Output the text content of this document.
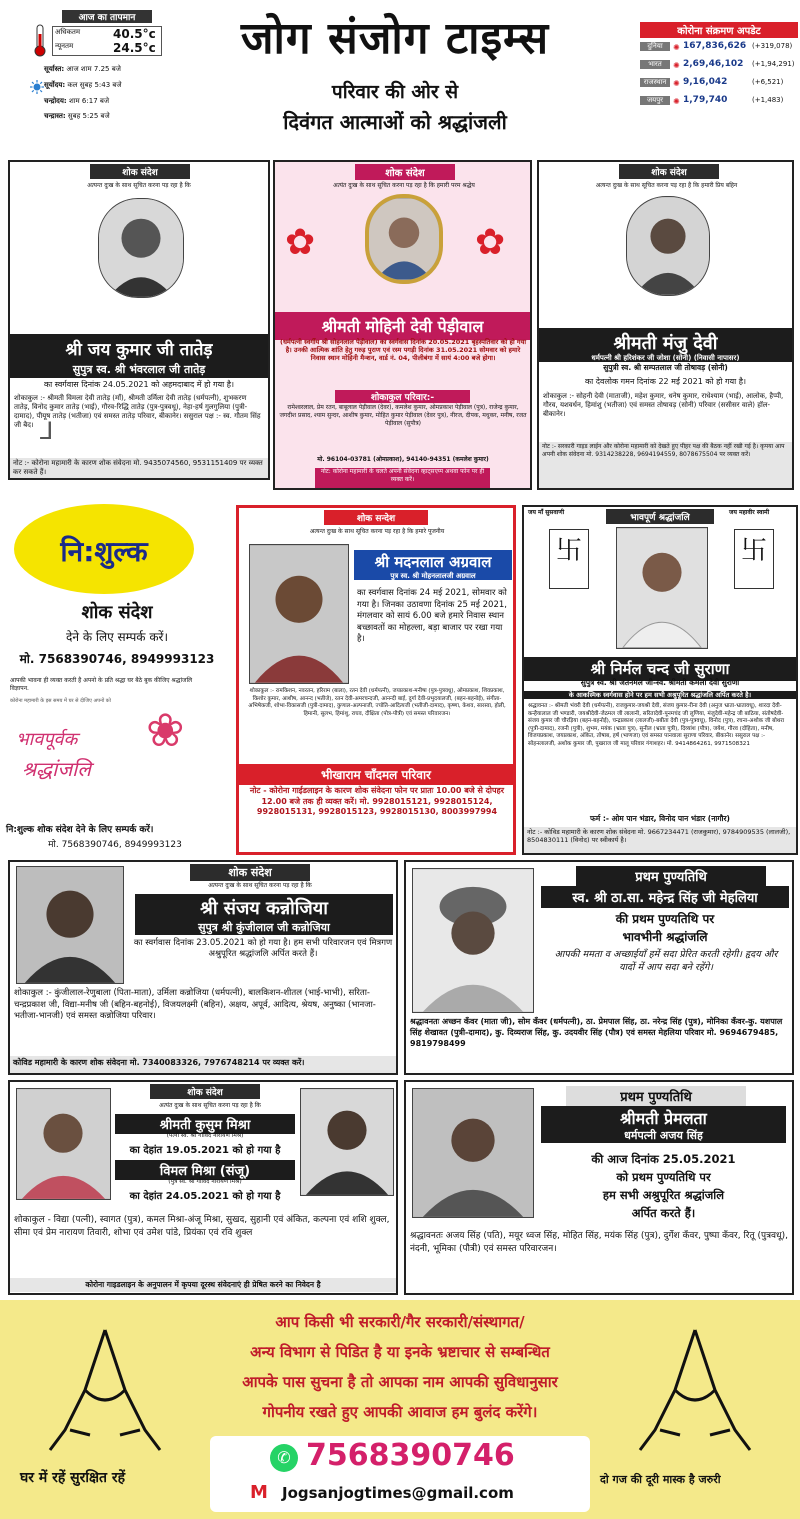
आज का तापमान
अधिकतम	40.5°c
न्यूनतम	24.5°c
सूर्यास्त: आज शाम 7.25 बजे
सूर्योदय: कल सुबह 5:43 बजे
चन्द्रोदय: शाम 6:17 बजे
चन्द्रास्त: सुबह 5:25 बजे
जोग संजोग टाइम्स
परिवार की ओर से
दिवंगत आत्माओं को श्रद्धांजली
कोरोना संक्रमण अपडेट
दुनिया	✺ 167,836,626 (+319,078)
भारत	✺ 2,69,46,102 (+1,94,291)
राजस्थान ✺ 9,16,042	(+6,521)
जयपुर	✺ 1,79,740	(+1,483)
शोक संदेश
अत्यन्त दुःख के साथ सूचित करना पड़ रहा है कि
⅃
श्री जय कुमार जी तातेड़
सुपुत्र स्व. श्री भंवरलाल जी तातेड़
का स्वर्गवास दिनांक 24.05.2021 को अहमदाबाद में हो गया है।
शोकाकुल :- श्रीमती विमला देवी तातेड़ (माँ), श्रीमती उर्मिला देवी तातेड़ (धर्मपत्नी), शुभकरण तातेड़, विनोद कुमार तातेड़ (भाई), गौरव-रिद्धि तातेड़ (पुत्र-पुत्रवधू), नेहा-हर्ष गुलगुलिया (पुत्री-दामाद), पीयूष तातेड़ (भतीजा) एवं समस्त तातेड़ परिवार, बीकानेर। ससुराल पक्ष :- स्व. गौतम सिंह जी बैद।
नोट :- कोरोना महामारी के कारण शोक संवेदना मो. 9435074560, 9531151409 पर व्यक्त कर सकते हैं।
शोक संदेश
अत्यंत दुःख के साथ सूचित करना पड़ रहा है कि हमारी परम श्रद्धेय
✿	✿
श्रीमती मोहिनी देवी पेड़ीवाल
(धर्मपत्नी स्वर्गीय श्री सोहनलाल पेड़ीवाल) का स्वर्गवास दिनांक 20.05.2021 बृहस्पतिवार को हो गया है। उनकी आत्मिक शांति हेतु गरुड़ पुराण एवं रस्म पगड़ी दिनांक 31.05.2021 सोमवार को हमारे निवास स्थान मोहिनी मैन्शन, वार्ड नं. 04, पीलीबंगा में सायं 4:00 बजे होगा।
शोकाकुल परिवार:-
रामेश्वरलाल, प्रेम रतन, बाबूलाल पेड़ीवाल (देवर), कमलेश कुमार, ओमप्रकाश पेड़ीवाल (पुत्र), राजेन्द्र कुमार, जगदीश प्रसाद, श्याम सुन्दर, आशीष कुमार, मोहित कुमार पेड़ीवाल (देवर पुत्र), नीरज, दीपक, मधुकर, मनीष, रजत पेड़ीवाल (सुपौत्र)
मो. 96104-03781 (ओमप्रकाश), 94140-94351 (कमलेश कुमार)
नोट: कोरोना महामारी के चलते अपनी संवेदना व्हाट्सएप्प अथवा फोन पर ही व्यक्त करें।
शोक संदेश
अत्यन्त दुःख के साथ सूचित करना पड़ रहा है कि हमारी प्रिय बहिन
श्रीमती मंजु देवी
धर्मपत्नी श्री हरिशंकर जी जोशा (सोनी) (निवासी नापासर)
सुपुत्री स्व. श्री सम्पतलाल जी तोषावड़ (सोनी)
का देवलोक गमन दिनांक 22 मई 2021 को हो गया है।
शोकाकुल :- सोहनी देवी (माताजी), महेश कुमार, धनेष कुमार, राधेश्याम (भाई), आलोक, हैप्पी, गौरव, यशवर्धन, हिमांशु (भतीजा) एवं समस्त तोषावड़ (सोनी) परिवार (ससीसर वाले) हॉल- बीकानेर।
नोट :- सरकारी गाइड लाईन और कोरोना महामारी को देखते हुए पीहर पक्ष की बैठक नहीं रखी गई है। कृपया आप अपनी शोक संवेदना मो. 9314238228, 9694194559, 8078675504 पर व्यक्त करें।
नि:शुल्क
शोक संदेश
देने के लिए सम्पर्क करें।
मो. 7568390746, 8949993123
आपकी भावना ही व्यक्त करती है अपनो के प्रति श्रद्धा घर बैठे बुक कीजिए श्रद्धांजलि विज्ञापन.
कोरोना महामारी के इस समय में घर से दीजिए अपनों को
❀
भावपूर्वक
श्रद्धांजलि
नि:शुल्क शोक संदेश देने के लिए सम्पर्क करें।
मो. 7568390746, 8949993123
शोक सन्देश
अत्यन्त दुःख के साथ सूचित करना पड़ रहा है कि हमारे पूजनीय
श्री मदनलाल अग्रवाल
पुत्र स्व. श्री मोहनलालजी अग्रवाल
का स्वर्गवास दिनांक 24 मई 2021, सोमवार को गया है। जिनका उठावणा दिनांक 25 मई 2021, मंगलवार को सायं 6.00 बजे हमारे निवास स्थान बच्छावतों का मोहल्ला, बड़ा बाजार पर रखा गया है।
शोकाकुल :- रामकिशन, नवरतन, हरिराम (बाला), रतन देवी (धर्मपत्नी), जयप्रकाश-मनीषा (पुत्र-पुत्रवधू), ओमप्रकाश, शिवप्रकाश, किशोर कुमार, आशीष, आनन्द (भतीजे), रतन देवी-अमरचन्दजी, आनन्दी बाई, दुर्गा देवी-प्रभुदयालजी, (बहन-बहनोई), संगीता-अभिषेकजी, शोभा-विकासजी (पुत्री-दामाद), कुणाल-अल्पनाजी, ज्योति-आदित्यजी (भतीजी-दामाद), कृष्णा, केशव, सारस्वा, होली, हिमानी, सुलभ, हिमांशु, राघव, दीक्षिता (पोत्र-पौत्री) एवं समस्त परिवारजन।
भीखाराम चाँदमल परिवार
नोट - कोरोना गाईडलाइन के कारण शोक संवेदना फोन पर प्रातः 10.00 बजे से दोपहर 12.00 बजे तक ही व्यक्त करें। मो. 9928015121, 9928015124, 9928015131, 9928015123, 9928015130, 8003997994
जय माँ सुसवाणी
भावपूर्ण श्रद्धांजलि
जय महावीर स्वामी
卐	卐
श्री निर्मल चन्द जी सुराणा
सुपुत्र स्व. श्री जतनमल जी-स्व. श्रीमती कमला देवी सुराणा
के आकस्मिक स्वर्गवास होने पर हम सभी अश्रुपूरित श्रद्धांजलि अर्पित करते है।
श्रद्धावनत :- श्रीमती भंवरी देवी (धर्मपत्नी), राजकुमार-जयश्री देवी, संजय कुमार-रीना देवी (अनुज भ्राता-भ्रातावधू), शारदा देवी-कन्हैयालाल जी भण्डारी, जयश्रीदेवी-जेठमल जी लालानी, सरितादेवी-पूनमचंद जी लुणिया, मंजुदेवी-महेन्द्र जी बाठिया, संतोषदेवी-संजय कुमार जी चौरड़िया (बहन-बहनोई), चन्द्रप्रकाश (लालजी)-बबीता देवी (पुत्र-पुत्रवधू), विनोद (पुत्र), रचना-अशोक जी बोथरा (पुत्री-दामाद), रजनी (पुत्री), शुभम, मयंक (भ्राता पुत्र), सुनील (भ्राता पुत्री), दिव्यांश (पौत्र), जयेश, गौरव (दोहिता), मनीष, विजयप्रकाश, जयप्रकाश, अंकित, तोषाब, हर्ष (भाणजा) एवं समस्त पानवाला सुराणा परिवार, बीकानेर। ससुराल पक्ष :- सोहनलालजी, अशोक कुमार जी, पुखराज जी मालू परिवार गंगाशहर। मो. 9414864261, 9971508321
फर्म :- ओम पान भंडार, विनोद पान भंडार (नागौर)
नोट :- कोविड महामारी के कारण शोक संवेदना मो. 9667234471 (राजकुमार), 9784909535 (लालजी), 8504830111 (विनोद) पर स्वीकार्य है।
शोक संदेश
अत्यन्त दुःख के साथ सूचित करना पड़ रहा है कि
श्री संजय कन्नोजिया
सुपुत्र श्री कुंजीलाल जी कन्नोजिया
का स्वर्गवास दिनांक 23.05.2021 को हो गया है। हम सभी परिवारजन एवं मित्रगण अश्रुपूरित श्रद्धांजलि अर्पित करते हैं।
शोकाकुल :- कुंजीलाल-रेणुबाला (पिता-माता), उर्मिला कन्नोजिया (धर्मपत्नी), बालकिशन-शीतल (भाई-भाभी), सरिता-चन्द्रप्रकाश जी, विद्या-मनीष जी (बहिन-बहनोई), विजयलक्ष्मी (बहिन), अक्षय, अपूर्व, आदित्य, श्रेयष, अनुष्का (भानजा-भतीजा-भानजी) एवं समस्त कन्नोजिया परिवार।
कोविड महामारी के कारण शोक संवेदना मो. 7340083326, 7976748214 पर व्यक्त करें।
प्रथम पुण्यतिथि
स्व. श्री ठा.सा. महेन्द्र सिंह जी मेहलिया
की प्रथम पुण्यतिथि पर
भावभीनी श्रद्धांजलि
आपकी ममता व अच्छाईयाँ हमें सदा प्रेरित करती रहेगी। हृदय और यादों में आप सदा बने रहेंगे।
श्रद्धावनतः अच्छन कँवर (माता जी), सोम कँवर (धर्मपत्नी), ठा. प्रेमपाल सिंह, ठा. नरेन्द्र सिंह (पुत्र), मोनिका कँवर-कु. यशपाल सिंह शेखावत (पुत्री-दामाद), कु. दिव्यराज सिंह, कु. उदयवीर सिंह (पौत्र) एवं समस्त मेहलिया परिवार मो. 9694679485, 9819798499
शोक संदेश
अत्यंत दुःख के साथ सूचित करना पड़ रहा है कि
श्रीमती कुसुम मिश्रा
(पत्नी स्व. श्री गोविंद नारायण मिश्र)
का देहांत 19.05.2021 को हो गया है
विमल मिश्रा (संजू)
(पुत्र स्व. श्री गोविंद नारायण मिश्र)
का देहांत 24.05.2021 को हो गया है
शोकाकुल - विद्या (पत्नी), स्वागत (पुत्र), कमल मिश्रा-अंजू मिश्रा, सुखद, सुहानी एवं अंकित, कल्पना एवं शशि शुक्ल, सीमा एवं प्रेम नारायण तिवारी, शोभा एवं उमेश पांडे, प्रियंका एवं रवि शुक्ल
कोरोना गाइडलाइन के अनुपालन में कृपया दूरस्थ संवेदनाएं ही प्रेषित करने का निवेदन है
प्रथम पुण्यतिथि
श्रीमती प्रेमलता
धर्मपत्नी अजय सिंह
की आज दिनांक 25.05.2021
को प्रथम पुण्यतिथि पर
हम सभी अश्रुपूरित श्रद्धांजलि
अर्पित करते हैं।
श्रद्धावनतः अजय सिंह (पति), मयूर ध्वज सिंह, मोहित सिंह, मयंक सिंह (पुत्र), दुर्गेश कँवर, पुष्पा कँवर, रितू (पुत्रवधू), नंदनी, भूमिका (पौत्री) एवं समस्त परिवारजन।
आप किसी भी सरकारी/गैर सरकारी/संस्थागत/
अन्य विभाग से पिडित है या इनके भ्रष्टाचार से सम्बन्धित
आपके पास सुचना है तो आपका नाम आपकी सुविधानुसार
गोपनीय रखते हुए आपकी आवाज हम बुलंद करेंगे।
✆ 7568390746
M Jogsanjogtimes@gmail.com
घर में रहें सुरक्षित रहें	दो गज की दूरी मास्क है जरुरी
